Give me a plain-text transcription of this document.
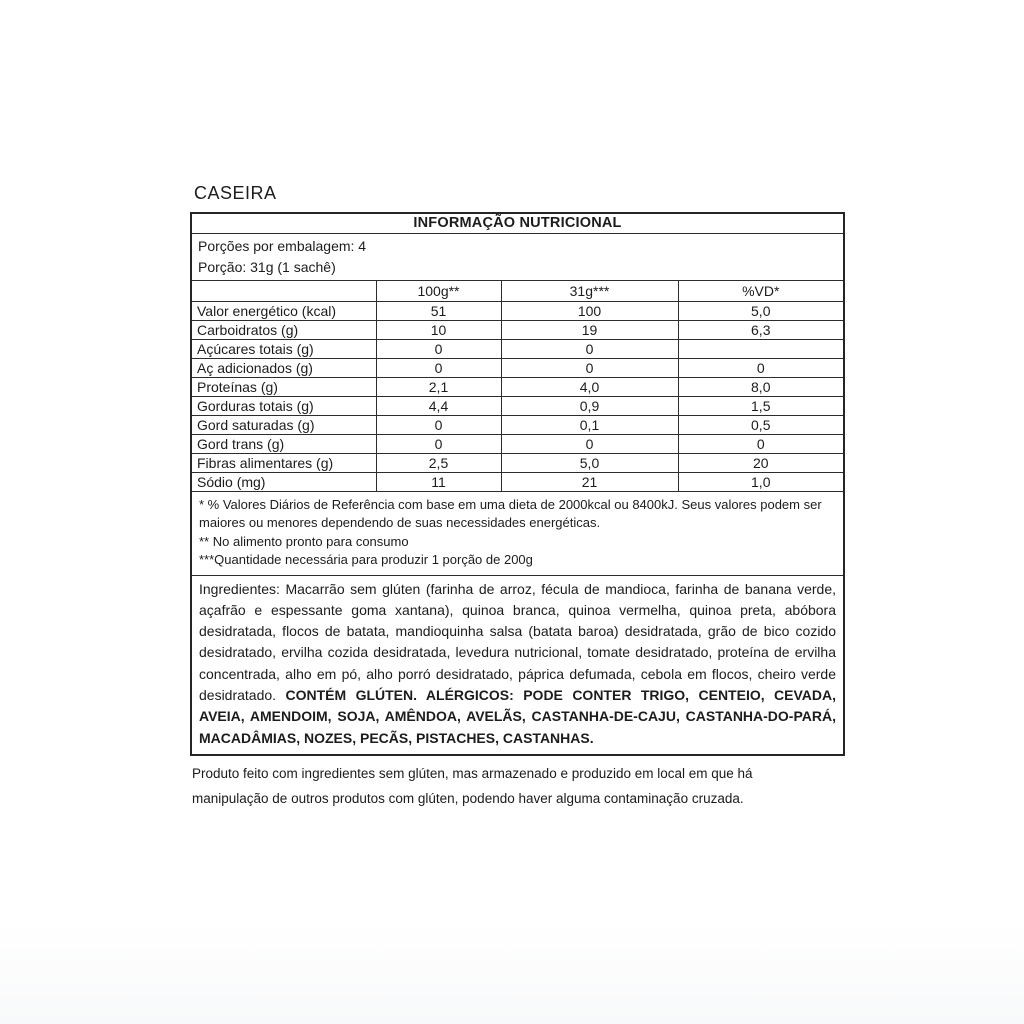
CASEIRA
INFORMAÇÃO NUTRICIONAL			

Porções por embalagem: 4
Porção: 31g (1 sachê)			

	100g**	31g***	%VD*
Valor energético (kcal)	51	100	5,0
Carboidratos (g)	10	19	6,3
Açúcares totais (g)	0	0	
Aç adicionados (g)	0	0	0
Proteínas (g)	2,1	4,0	8,0
Gorduras totais (g)	4,4	0,9	1,5
Gord saturadas (g)	0	0,1	0,5
Gord trans (g)	0	0	0
Fibras alimentares (g)	2,5	5,0	20
Sódio (mg)	11	21	1,0

* % Valores Diários de Referência com base em uma dieta de 2000kcal ou 8400kJ. Seus valores podem ser maiores ou menores dependendo de suas necessidades energéticas.

** No alimento pronto para consumo

***Quantidade necessária para produzir 1 porção de 200g			

Ingredientes: Macarrão sem glúten (farinha de arroz, fécula de mandioca, farinha de banana verde, açafrão e espessante goma xantana), quinoa branca, quinoa vermelha, quinoa preta, abóbora desidratada, flocos de batata, mandioquinha salsa (batata baroa) desidratada, grão de bico cozido desidratado, ervilha cozida desidratada, levedura nutricional, tomate desidratado, proteína de ervilha concentrada, alho em pó, alho porró desidratado, páprica defumada, cebola em flocos, cheiro verde desidratado. CONTÉM GLÚTEN. ALÉRGICOS: PODE CONTER TRIGO, CENTEIO, CEVADA, AVEIA, AMENDOIM, SOJA, AMÊNDOA, AVELÃS, CASTANHA-DE-CAJU, CASTANHA-DO-PARÁ, MACADÂMIAS, NOZES, PECÃS, PISTACHES, CASTANHAS.			

Produto feito com ingredientes sem glúten, mas armazenado e produzido em local em que há manipulação de outros produtos com glúten, podendo haver alguma contaminação cruzada.
